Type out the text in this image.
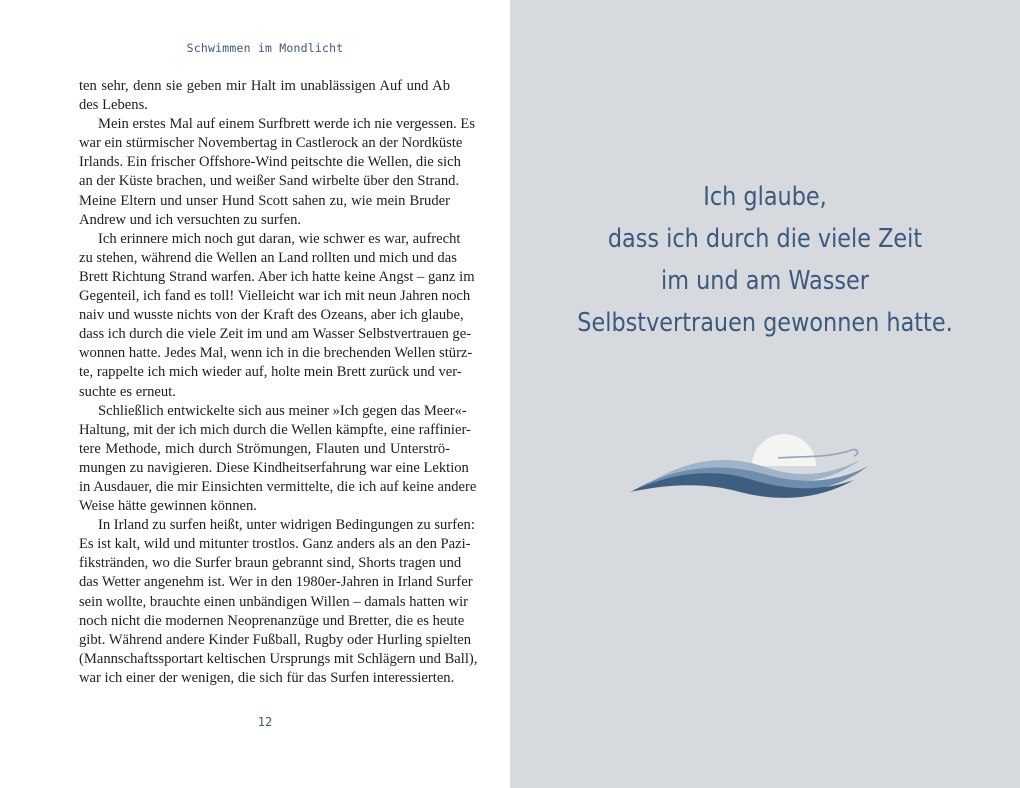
Schwimmen im Mondlicht
ten sehr, denn sie geben mir Halt im unablässigen Auf und Ab
des Lebens.
Mein erstes Mal auf einem Surfbrett werde ich nie vergessen. Es
war ein stürmischer Novembertag in Castlerock an der Nordküste
Irlands. Ein frischer Offshore-Wind peitschte die Wellen, die sich
an der Küste brachen, und weißer Sand wirbelte über den Strand.
Meine Eltern und unser Hund Scott sahen zu, wie mein Bruder
Andrew und ich versuchten zu surfen.
Ich erinnere mich noch gut daran, wie schwer es war, aufrecht
zu stehen, während die Wellen an Land rollten und mich und das
Brett Richtung Strand warfen. Aber ich hatte keine Angst – ganz im
Gegenteil, ich fand es toll! Vielleicht war ich mit neun Jahren noch
naiv und wusste nichts von der Kraft des Ozeans, aber ich glaube,
dass ich durch die viele Zeit im und am Wasser Selbstvertrauen ge-
wonnen hatte. Jedes Mal, wenn ich in die brechenden Wellen stürz-
te, rappelte ich mich wieder auf, holte mein Brett zurück und ver-
suchte es erneut.
Schließlich entwickelte sich aus meiner »Ich gegen das Meer«-
Haltung, mit der ich mich durch die Wellen kämpfte, eine raffinier-
tere Methode, mich durch Strömungen, Flauten und Unterströ-
mungen zu navigieren. Diese Kindheitserfahrung war eine Lektion
in Ausdauer, die mir Einsichten vermittelte, die ich auf keine andere
Weise hätte gewinnen können.
In Irland zu surfen heißt, unter widrigen Bedingungen zu surfen:
Es ist kalt, wild und mitunter trostlos. Ganz anders als an den Pazi-
fikstränden, wo die Surfer braun gebrannt sind, Shorts tragen und
das Wetter angenehm ist. Wer in den 1980er-Jahren in Irland Surfer
sein wollte, brauchte einen unbändigen Willen – damals hatten wir
noch nicht die modernen Neoprenanzüge und Bretter, die es heute
gibt. Während andere Kinder Fußball, Rugby oder Hurling spielten
(Mannschaftssportart keltischen Ursprungs mit Schlägern und Ball),
war ich einer der wenigen, die sich für das Surfen interessierten.
12
Ich glaube,
dass ich durch die viele Zeit
im und am Wasser
Selbstvertrauen gewonnen hatte.
